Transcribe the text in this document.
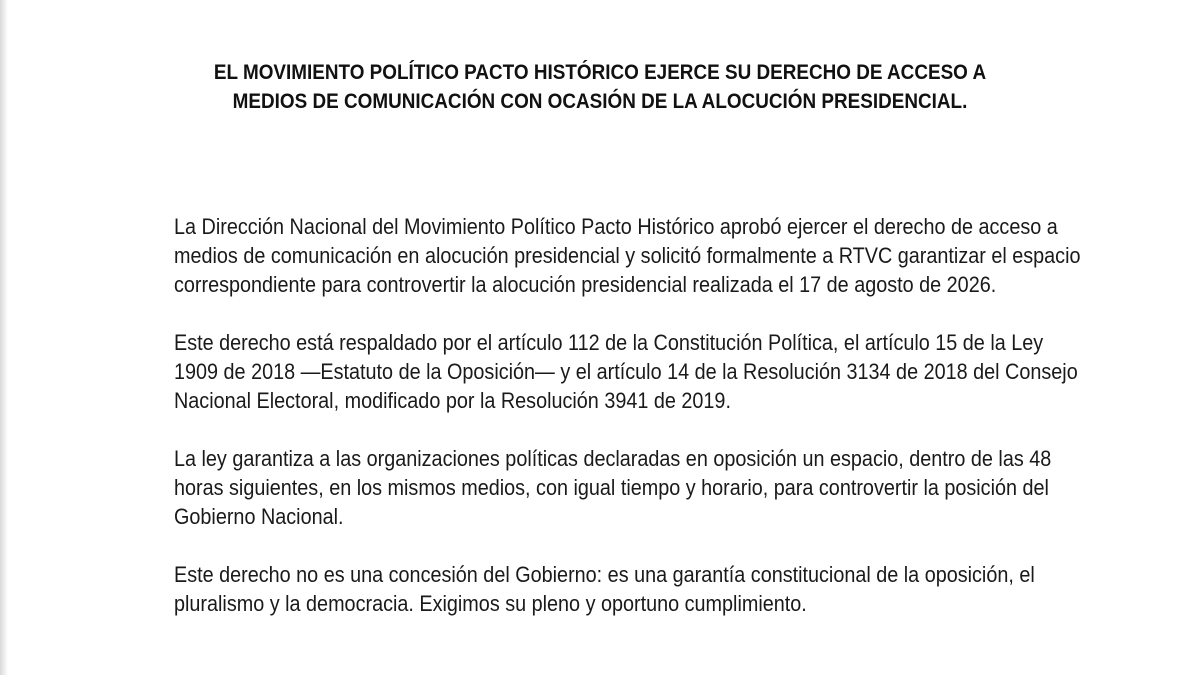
EL MOVIMIENTO POLÍTICO PACTO HISTÓRICO EJERCE SU DERECHO DE ACCESO A
MEDIOS DE COMUNICACIÓN CON OCASIÓN DE LA ALOCUCIÓN PRESIDENCIAL.

La Dirección Nacional del Movimiento Político Pacto Histórico aprobó ejercer el derecho de acceso a
medios de comunicación en alocución presidencial y solicitó formalmente a RTVC garantizar el espacio
correspondiente para controvertir la alocución presidencial realizada el 17 de agosto de 2026.

Este derecho está respaldado por el artículo 112 de la Constitución Política, el artículo 15 de la Ley
1909 de 2018 —Estatuto de la Oposición— y el artículo 14 de la Resolución 3134 de 2018 del Consejo
Nacional Electoral, modificado por la Resolución 3941 de 2019.

La ley garantiza a las organizaciones políticas declaradas en oposición un espacio, dentro de las 48
horas siguientes, en los mismos medios, con igual tiempo y horario, para controvertir la posición del
Gobierno Nacional.

Este derecho no es una concesión del Gobierno: es una garantía constitucional de la oposición, el
pluralismo y la democracia. Exigimos su pleno y oportuno cumplimiento.
